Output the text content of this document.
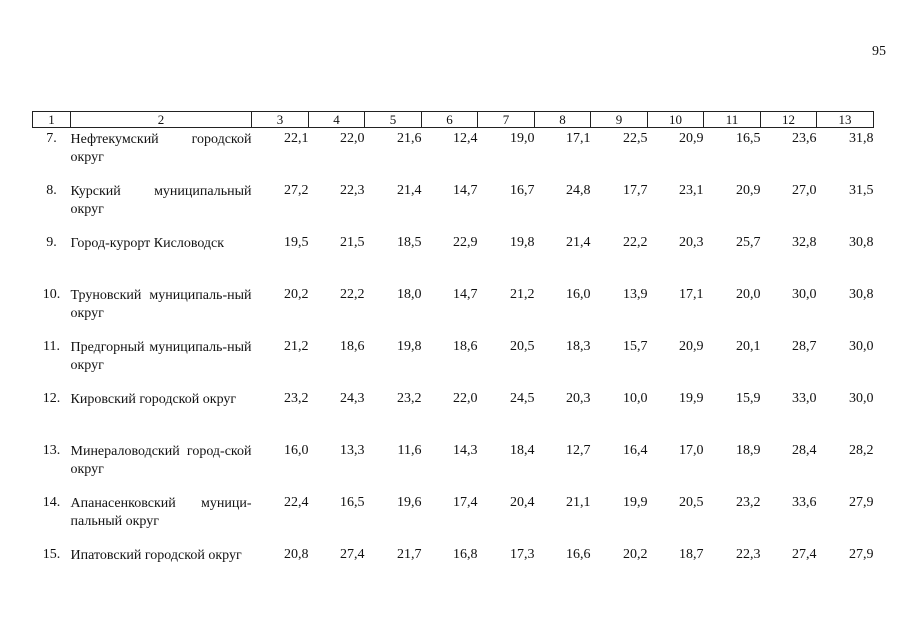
95
1	2	3	4	5	6	7	8	9	10	11	12	13
7.	Нефтекумский городской округ	22,1	22,0	21,6	12,4	19,0	17,1	22,5	20,9	16,5	23,6	31,8
8.	Курский муниципальный округ	27,2	22,3	21,4	14,7	16,7	24,8	17,7	23,1	20,9	27,0	31,5
9.	Город-курорт Кисловодск	19,5	21,5	18,5	22,9	19,8	21,4	22,2	20,3	25,7	32,8	30,8
10.	Труновский муниципаль-ный округ	20,2	22,2	18,0	14,7	21,2	16,0	13,9	17,1	20,0	30,0	30,8
11.	Предгорный муниципаль-ный округ	21,2	18,6	19,8	18,6	20,5	18,3	15,7	20,9	20,1	28,7	30,0
12.	Кировский городской округ	23,2	24,3	23,2	22,0	24,5	20,3	10,0	19,9	15,9	33,0	30,0
13.	Минераловодский город-ской округ	16,0	13,3	11,6	14,3	18,4	12,7	16,4	17,0	18,9	28,4	28,2
14.	Апанасенковский муници-пальный округ	22,4	16,5	19,6	17,4	20,4	21,1	19,9	20,5	23,2	33,6	27,9
15.	Ипатовский городской округ	20,8	27,4	21,7	16,8	17,3	16,6	20,2	18,7	22,3	27,4	27,9
